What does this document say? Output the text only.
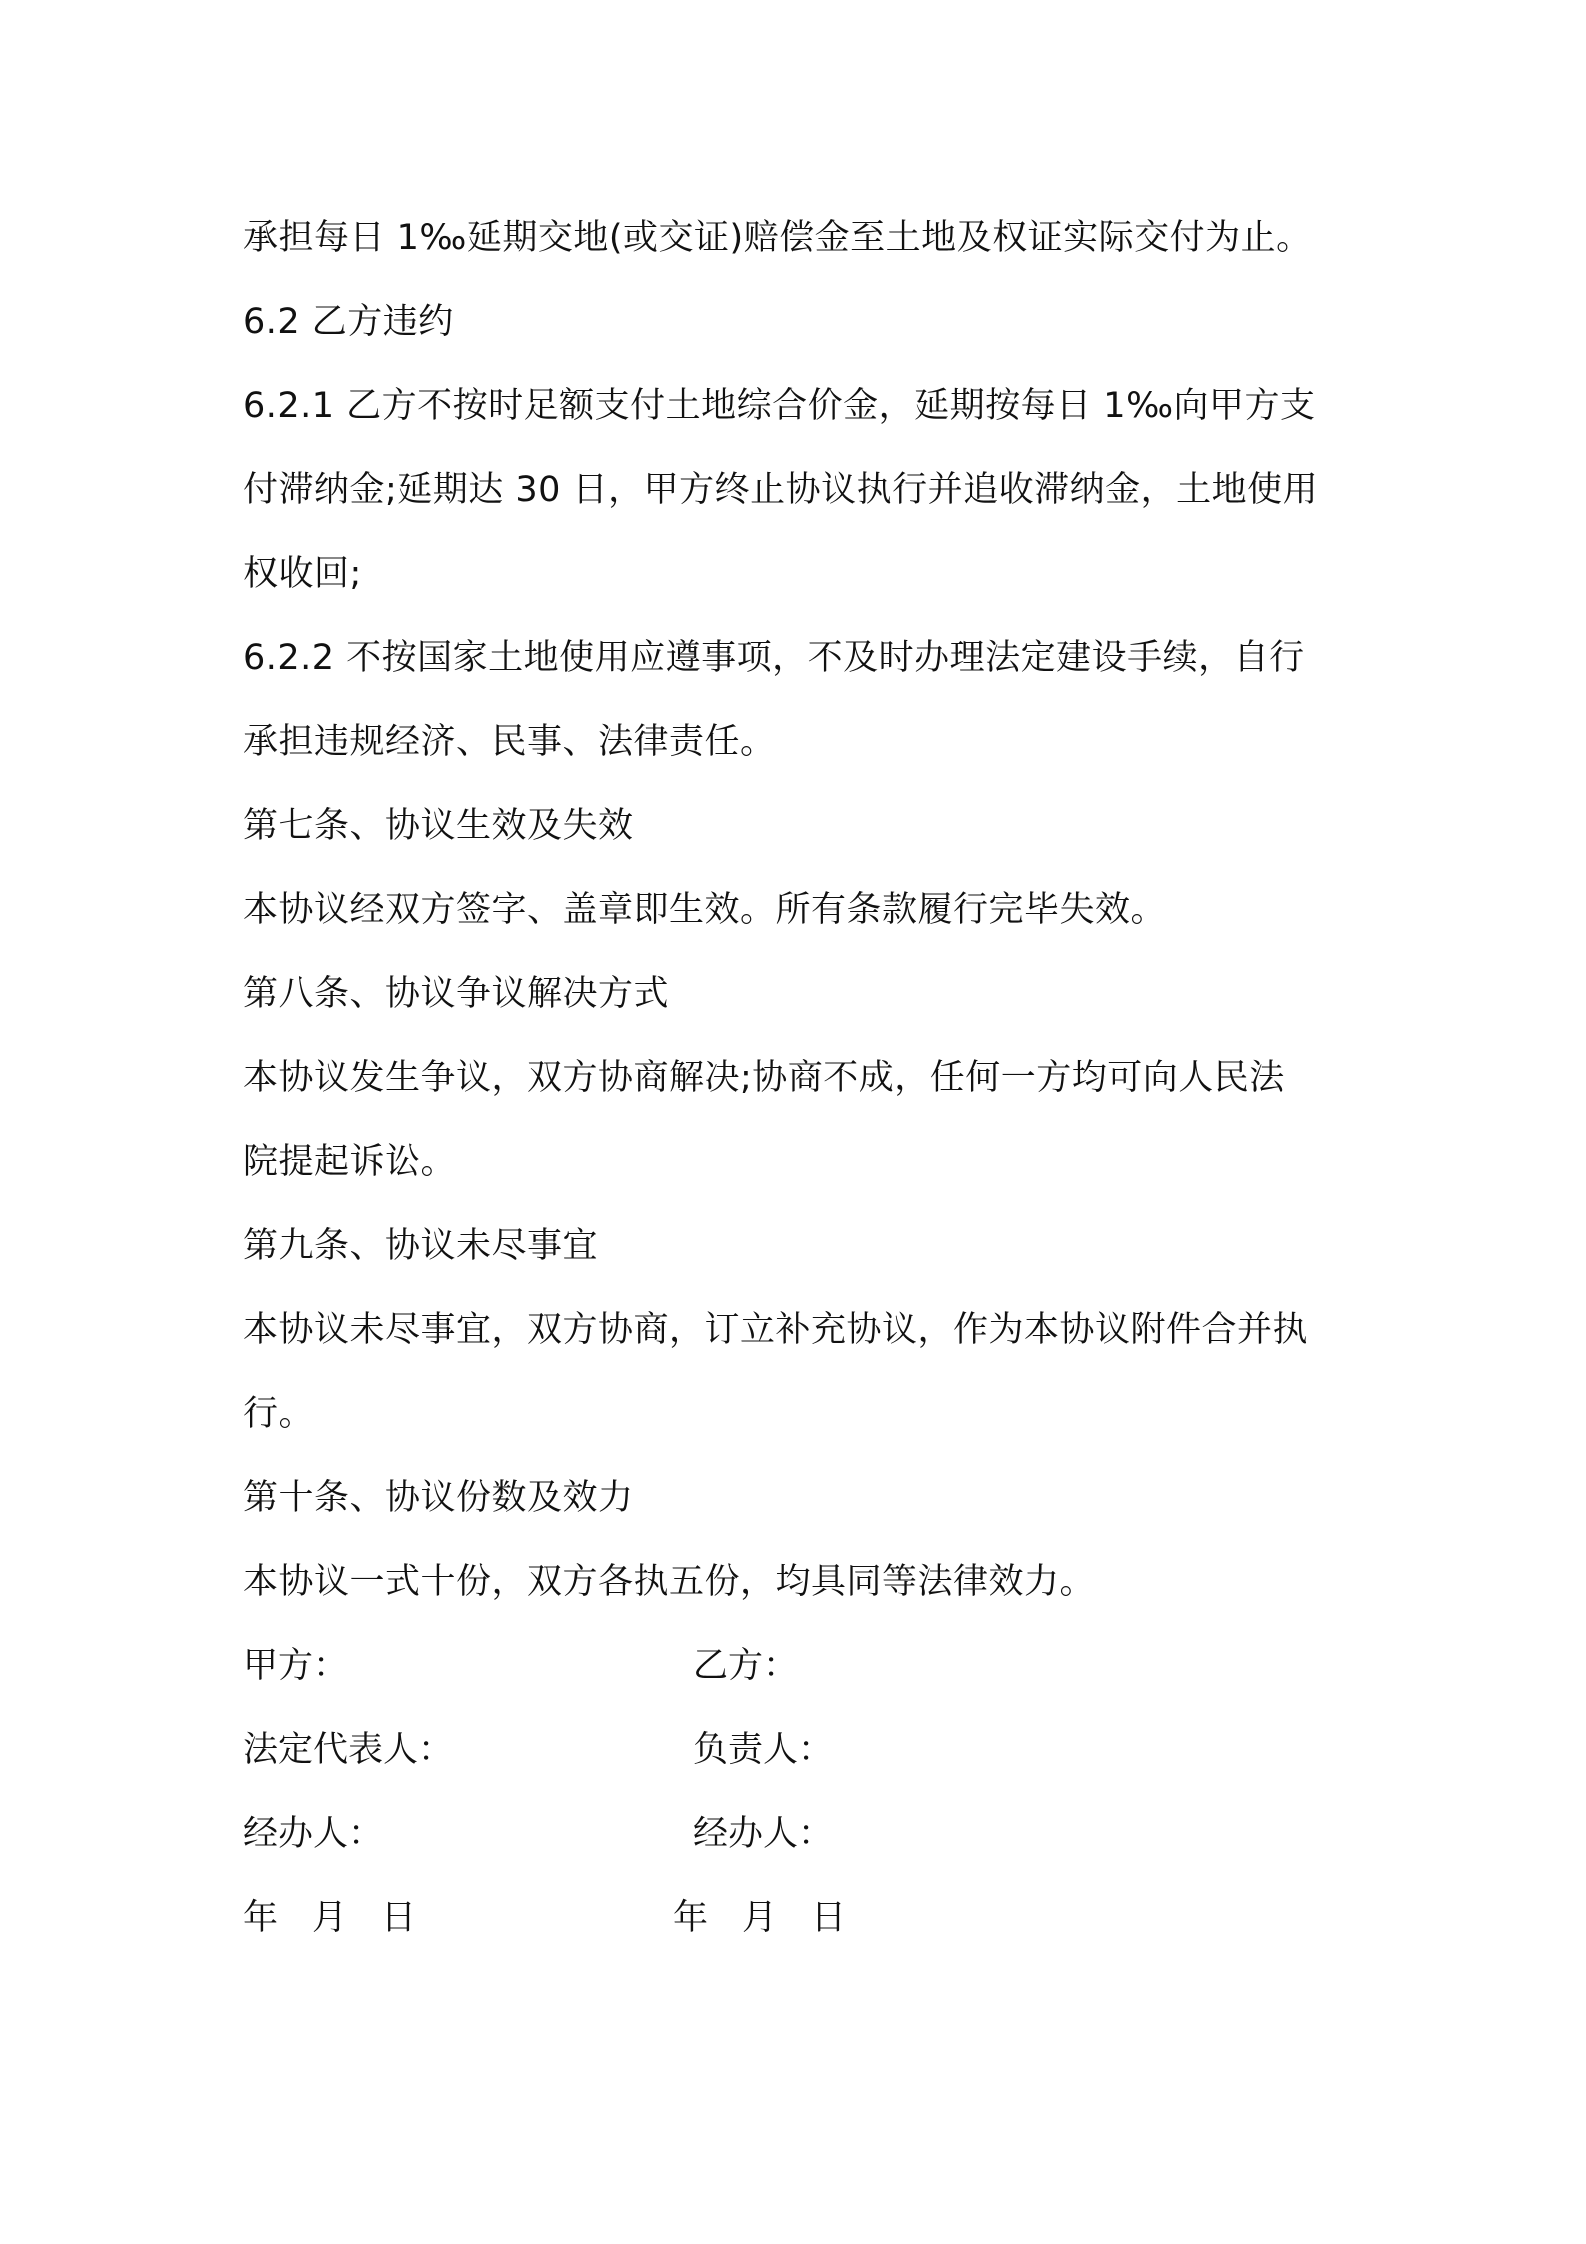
承担每日 1‰延期交地(或交证)赔偿金至土地及权证实际交付为止。
6.2 乙方违约
6.2.1 乙方不按时足额支付土地综合价金，延期按每日 1‰向甲方支
付滞纳金;延期达 30 日，甲方终止协议执行并追收滞纳金，土地使用
权收回;
6.2.2 不按国家土地使用应遵事项，不及时办理法定建设手续，自行
承担违规经济、民事、法律责任。
第七条、协议生效及失效
本协议经双方签字、盖章即生效。所有条款履行完毕失效。
第八条、协议争议解决方式
本协议发生争议，双方协商解决;协商不成，任何一方均可向人民法
院提起诉讼。
第九条、协议未尽事宜
本协议未尽事宜，双方协商，订立补充协议，作为本协议附件合并执
行。
第十条、协议份数及效力
本协议一式十份，双方各执五份，均具同等法律效力。
甲方：	乙方：
法定代表人：	负责人：
经办人：	经办人：
年 月 日	年 月 日
